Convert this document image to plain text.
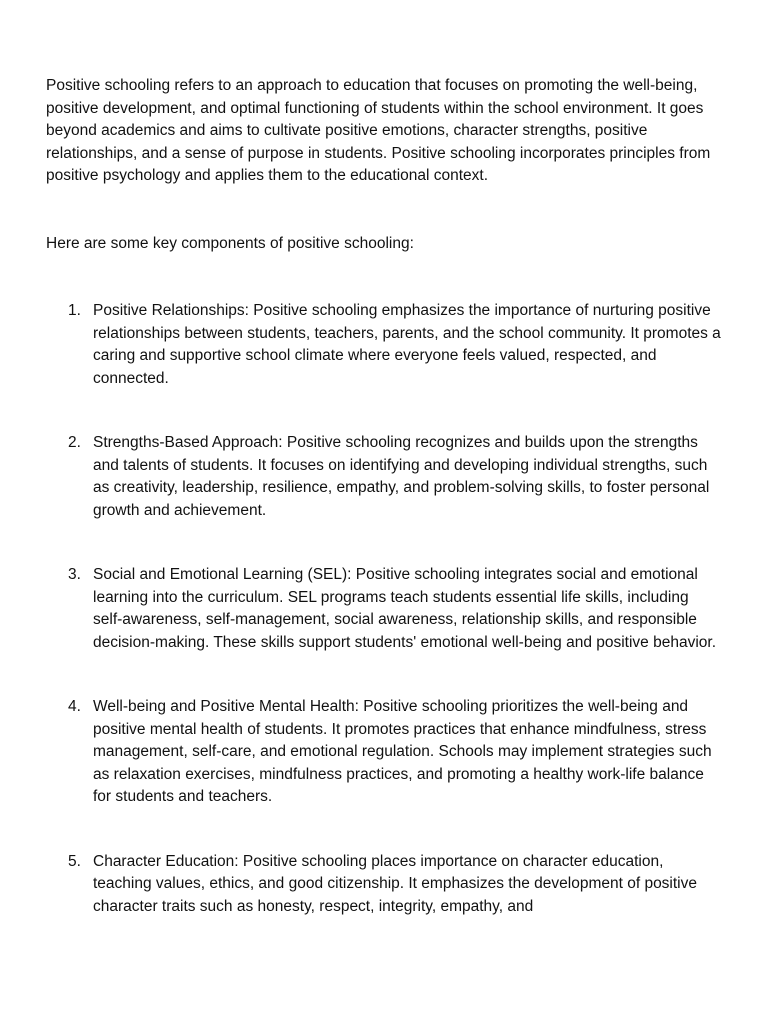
Positive schooling refers to an approach to education that focuses on promoting the well-being, positive development, and optimal functioning of students within the school environment. It goes beyond academics and aims to cultivate positive emotions, character strengths, positive relationships, and a sense of purpose in students. Positive schooling incorporates principles from positive psychology and applies them to the educational context.

Here are some key components of positive schooling:

1. Positive Relationships: Positive schooling emphasizes the importance of nurturing positive relationships between students, teachers, parents, and the school community. It promotes a caring and supportive school climate where everyone feels valued, respected, and connected.
2. Strengths-Based Approach: Positive schooling recognizes and builds upon the strengths and talents of students. It focuses on identifying and developing individual strengths, such as creativity, leadership, resilience, empathy, and problem-solving skills, to foster personal growth and achievement.
3. Social and Emotional Learning (SEL): Positive schooling integrates social and emotional learning into the curriculum. SEL programs teach students essential life skills, including self-awareness, self-management, social awareness, relationship skills, and responsible decision-making. These skills support students' emotional well-being and positive behavior.
4. Well-being and Positive Mental Health: Positive schooling prioritizes the well-being and positive mental health of students. It promotes practices that enhance mindfulness, stress management, self-care, and emotional regulation. Schools may implement strategies such as relaxation exercises, mindfulness practices, and promoting a healthy work-life balance for students and teachers.
5. Character Education: Positive schooling places importance on character education, teaching values, ethics, and good citizenship. It emphasizes the development of positive character traits such as honesty, respect, integrity, empathy, and
